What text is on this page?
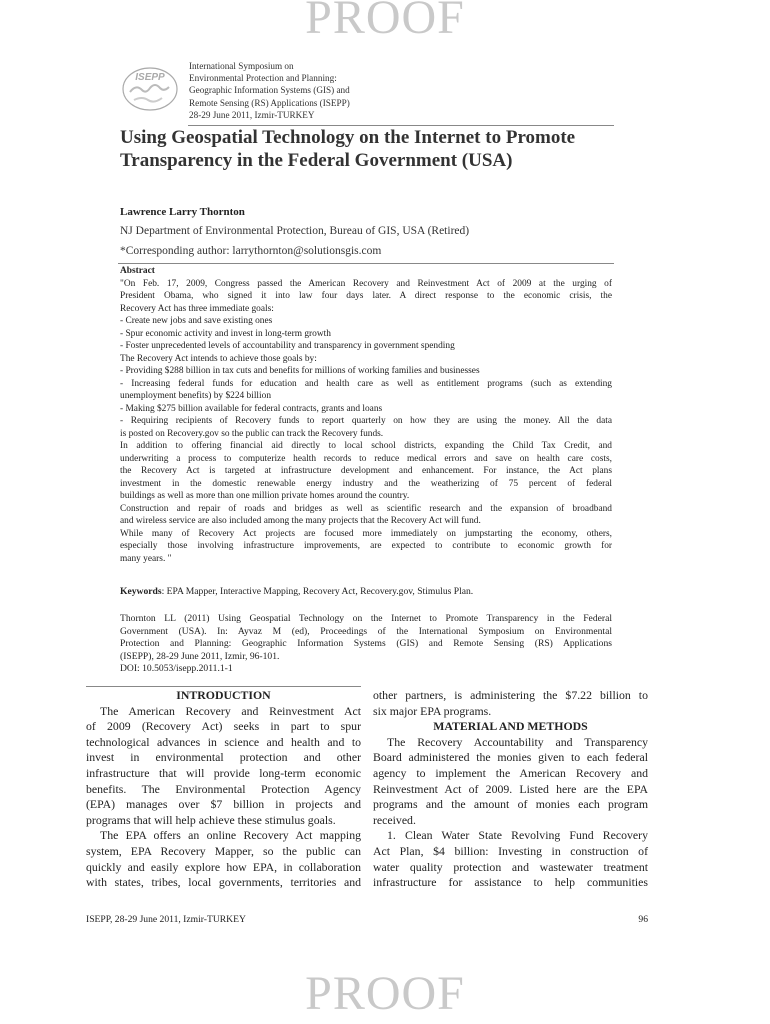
PROOF
ISEPP
International Symposium on
Environmental Protection and Planning:
Geographic Information Systems (GIS) and
Remote Sensing (RS) Applications (ISEPP)
28-29 June 2011, Izmir-TURKEY
Using Geospatial Technology on the Internet to Promote Transparency in the Federal Government (USA)
Lawrence Larry Thornton
NJ Department of Environmental Protection, Bureau of GIS, USA (Retired)
*Corresponding author: larrythornton@solutionsgis.com
Abstract
"On Feb. 17, 2009, Congress passed the American Recovery and Reinvestment Act of 2009 at the urging of
President Obama, who signed it into law four days later. A direct response to the economic crisis, the
Recovery Act has three immediate goals:
- Create new jobs and save existing ones
- Spur economic activity and invest in long-term growth
- Foster unprecedented levels of accountability and transparency in government spending
The Recovery Act intends to achieve those goals by:
- Providing $288 billion in tax cuts and benefits for millions of working families and businesses
- Increasing federal funds for education and health care as well as entitlement programs (such as extending
unemployment benefits) by $224 billion
- Making $275 billion available for federal contracts, grants and loans
- Requiring recipients of Recovery funds to report quarterly on how they are using the money. All the data
is posted on Recovery.gov so the public can track the Recovery funds.
In addition to offering financial aid directly to local school districts, expanding the Child Tax Credit, and
underwriting a process to computerize health records to reduce medical errors and save on health care costs,
the Recovery Act is targeted at infrastructure development and enhancement. For instance, the Act plans
investment in the domestic renewable energy industry and the weatherizing of 75 percent of federal
buildings as well as more than one million private homes around the country.
Construction and repair of roads and bridges as well as scientific research and the expansion of broadband
and wireless service are also included among the many projects that the Recovery Act will fund.
While many of Recovery Act projects are focused more immediately on jumpstarting the economy, others,
especially those involving infrastructure improvements, are expected to contribute to economic growth for
many years. "
Keywords: EPA Mapper, Interactive Mapping, Recovery Act, Recovery.gov, Stimulus Plan.
Thornton LL (2011) Using Geospatial Technology on the Internet to Promote Transparency in the Federal
Government (USA). In: Ayvaz M (ed), Proceedings of the International Symposium on Environmental
Protection and Planning: Geographic Information Systems (GIS) and Remote Sensing (RS) Applications
(ISEPP), 28-29 June 2011, Izmir, 96-101.
DOI: 10.5053/isepp.2011.1-1
INTRODUCTION
The American Recovery and Reinvestment Act
of 2009 (Recovery Act) seeks in part to spur
technological advances in science and health and to
invest in environmental protection and other
infrastructure that will provide long-term economic
benefits. The Environmental Protection Agency
(EPA) manages over $7 billion in projects and
programs that will help achieve these stimulus goals.
The EPA offers an online Recovery Act mapping
system, EPA Recovery Mapper, so the public can
quickly and easily explore how EPA, in collaboration
with states, tribes, local governments, territories and
other partners, is administering the $7.22 billion to
six major EPA programs.
MATERIAL AND METHODS
The Recovery Accountability and Transparency
Board administered the monies given to each federal
agency to implement the American Recovery and
Reinvestment Act of 2009. Listed here are the EPA
programs and the amount of monies each program
received.
1. Clean Water State Revolving Fund Recovery
Act Plan, $4 billion: Investing in construction of
water quality protection and wastewater treatment
infrastructure for assistance to help communities
ISEPP, 28-29 June 2011, Izmir-TURKEY	96
PROOF
